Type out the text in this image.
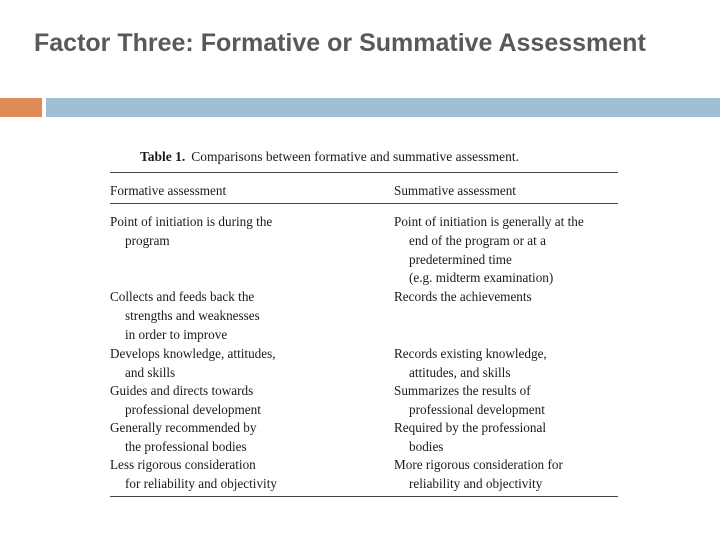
Factor Three: Formative or Summative Assessment
Table 1. Comparisons between formative and summative assessment.
Formative assessment	Summative assessment
Point of initiation is during the
program
Point of initiation is generally at the
end of the program or at a
predetermined time
(e.g. midterm examination)
Collects and feeds back the
strengths and weaknesses
in order to improve
Records the achievements
Develops knowledge, attitudes,
and skills
Records existing knowledge,
attitudes, and skills
Guides and directs towards
professional development
Summarizes the results of
professional development
Generally recommended by
the professional bodies
Required by the professional
bodies
Less rigorous consideration
for reliability and objectivity
More rigorous consideration for
reliability and objectivity
